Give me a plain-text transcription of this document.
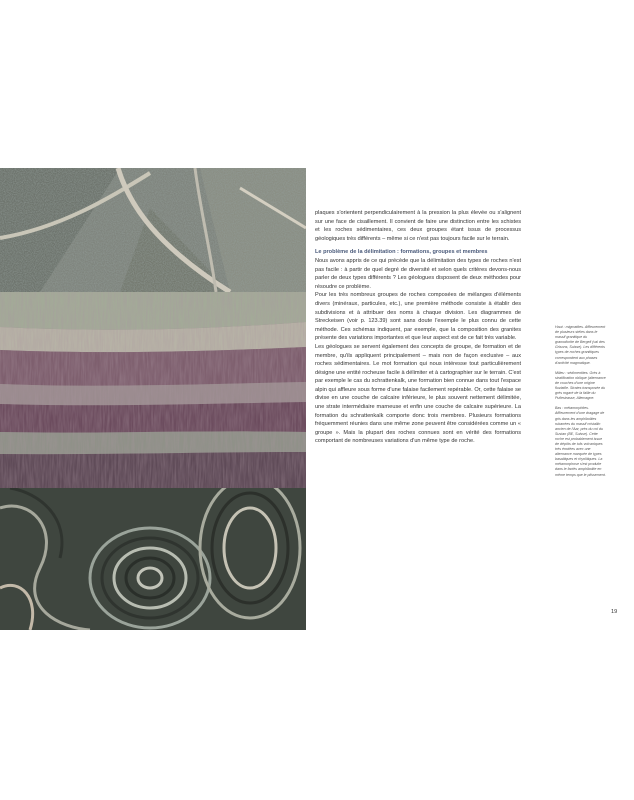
plaques s'orientent perpendiculairement à la pression la plus élevée ou s'alignent sur une face de cisaillement. Il convient de faire une distinction entre les schistes et les roches sédimentaires, ces deux groupes étant issus de processus géologiques très différents – même si ce n'est pas toujours facile sur le terrain.

Le problème de la délimitation : formations, groupes et membres

Nous avons appris de ce qui précède que la délimitation des types de roches n'est pas facile : à partir de quel degré de diversité et selon quels critères devons-nous parler de deux types différents ? Les géologues disposent de deux méthodes pour résoudre ce problème.

Pour les très nombreux groupes de roches composées de mélanges d'éléments divers (minéraux, particules, etc.), une première méthode consiste à établir des subdivisions et à attribuer des noms à chaque division. Les diagrammes de Streckeisen (voir p. 123.39) sont sans doute l'exemple le plus connu de cette méthode. Ces schémas indiquent, par exemple, que la composition des granites présente des variations importantes et que leur aspect est de ce fait très variable.

Les géologues se servent également des concepts de groupe, de formation et de membre, qu'ils appliquent principalement – mais non de façon exclusive – aux roches sédimentaires. Le mot formation qui nous intéresse tout particulièrement désigne une entité rocheuse facile à délimiter et à cartographier sur le terrain. C'est par exemple le cas du schrattenkalk, une formation bien connue dans tout l'espace alpin qui affleure sous forme d'une falaise facilement repérable. Or, cette falaise se divise en une couche de calcaire inférieure, le plus souvent nettement délimitée, une strate intermédiaire marneuse et enfin une couche de calcaire supérieure. La formation du schrattenkalk comporte donc trois membres. Plusieurs formations fréquemment réunies dans une même zone peuvent être considérées comme un « groupe ». Mais la plupart des roches connues sont en vérité des formations comportant de nombreuses variations d'un même type de roche.

Haut : migmatites. Affleurement de plusieurs stèles dans le massif granitique du granodiorite de Bergell (val des Grisons, Suisse). Les différents types de roches granitiques correspondent aux phases d'activité magmatique.

Milieu : sédimentites. Grès à stratification oblique (alternance de couches d'une origine fluviatile. Strates transposée du grès rogaré de la faille du Pullestrasse, Allemagne.

Bas : métamorphites. Affleurement d'une dragage de gris dans les amphibolites rubanées du massif cristallin ancien de l'Aar, près du col du Sustan (BE, Suisse). Cette roche est probablement issue de dépôts de tufs volcaniques très érodées avec une alternance marquée de types basaltiques et rhyolitiques. La métamorphose s'est produite dans le faciès amphibolite en même temps que le plissement.

19
